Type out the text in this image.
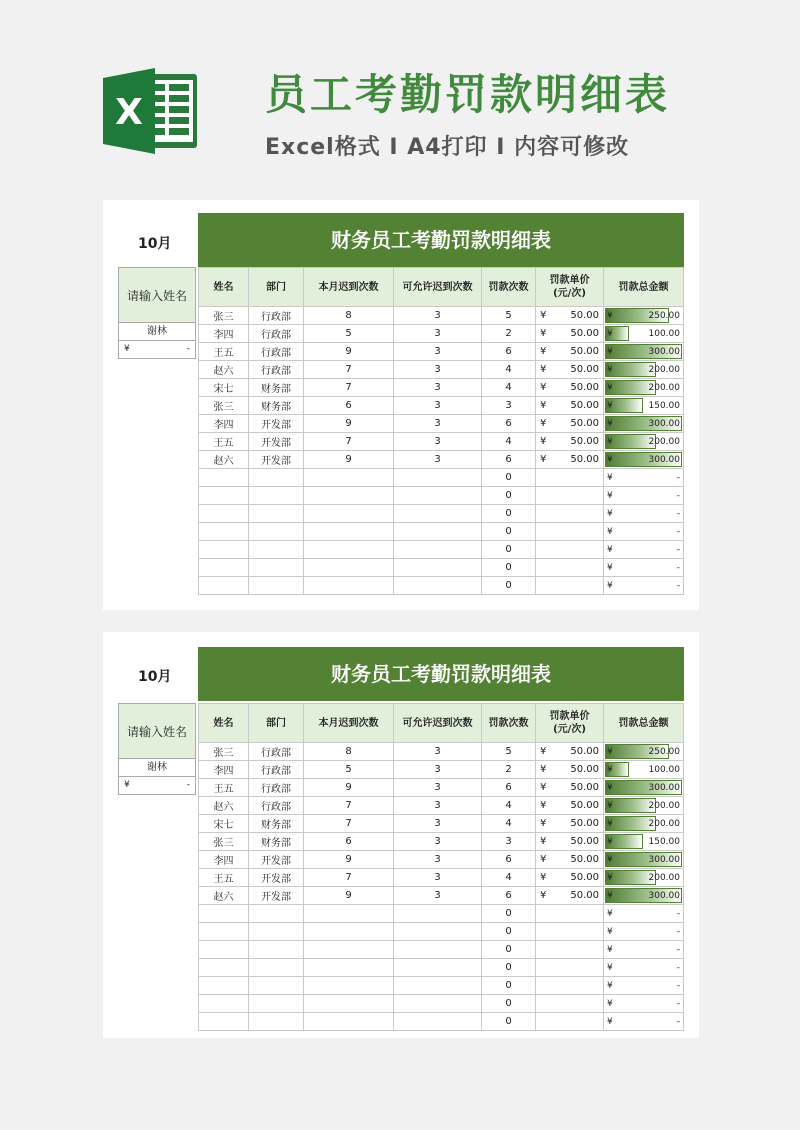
X	员工考勤罚款明细表
Excel格式 I A4打印 I 内容可修改
10月	财务员工考勤罚款明细表
请输入姓名
谢林
¥	-
姓名	部门	本月迟到次数	可允许迟到次数	罚款次数	罚款单价
(元/次)	罚款总金额
张三	行政部	8	3	5	¥ 50.00	¥ 250.00

李四	行政部	5	3	2	¥ 50.00	¥ 100.00

王五	行政部	9	3	6	¥ 50.00	¥ 300.00

赵六	行政部	7	3	4	¥ 50.00	¥ 200.00

宋七	财务部	7	3	4	¥ 50.00	¥ 200.00

张三	财务部	6	3	3	¥ 50.00	¥ 150.00

李四	开发部	9	3	6	¥ 50.00	¥ 300.00

王五	开发部	7	3	4	¥ 50.00	¥ 200.00

赵六	开发部	9	3	6	¥ 50.00	¥ 300.00

				0		¥ -

				0		¥ -

				0		¥ -

				0		¥ -

				0		¥ -

				0		¥ -

				0		¥ -
10月	财务员工考勤罚款明细表
请输入姓名
谢林
¥	-
姓名	部门	本月迟到次数	可允许迟到次数	罚款次数	罚款单价
(元/次)	罚款总金额
张三	行政部	8	3	5	¥ 50.00	¥ 250.00

李四	行政部	5	3	2	¥ 50.00	¥ 100.00

王五	行政部	9	3	6	¥ 50.00	¥ 300.00

赵六	行政部	7	3	4	¥ 50.00	¥ 200.00

宋七	财务部	7	3	4	¥ 50.00	¥ 200.00

张三	财务部	6	3	3	¥ 50.00	¥ 150.00

李四	开发部	9	3	6	¥ 50.00	¥ 300.00

王五	开发部	7	3	4	¥ 50.00	¥ 200.00

赵六	开发部	9	3	6	¥ 50.00	¥ 300.00

				0		¥ -

				0		¥ -

				0		¥ -

				0		¥ -

				0		¥ -

				0		¥ -

				0		¥ -
